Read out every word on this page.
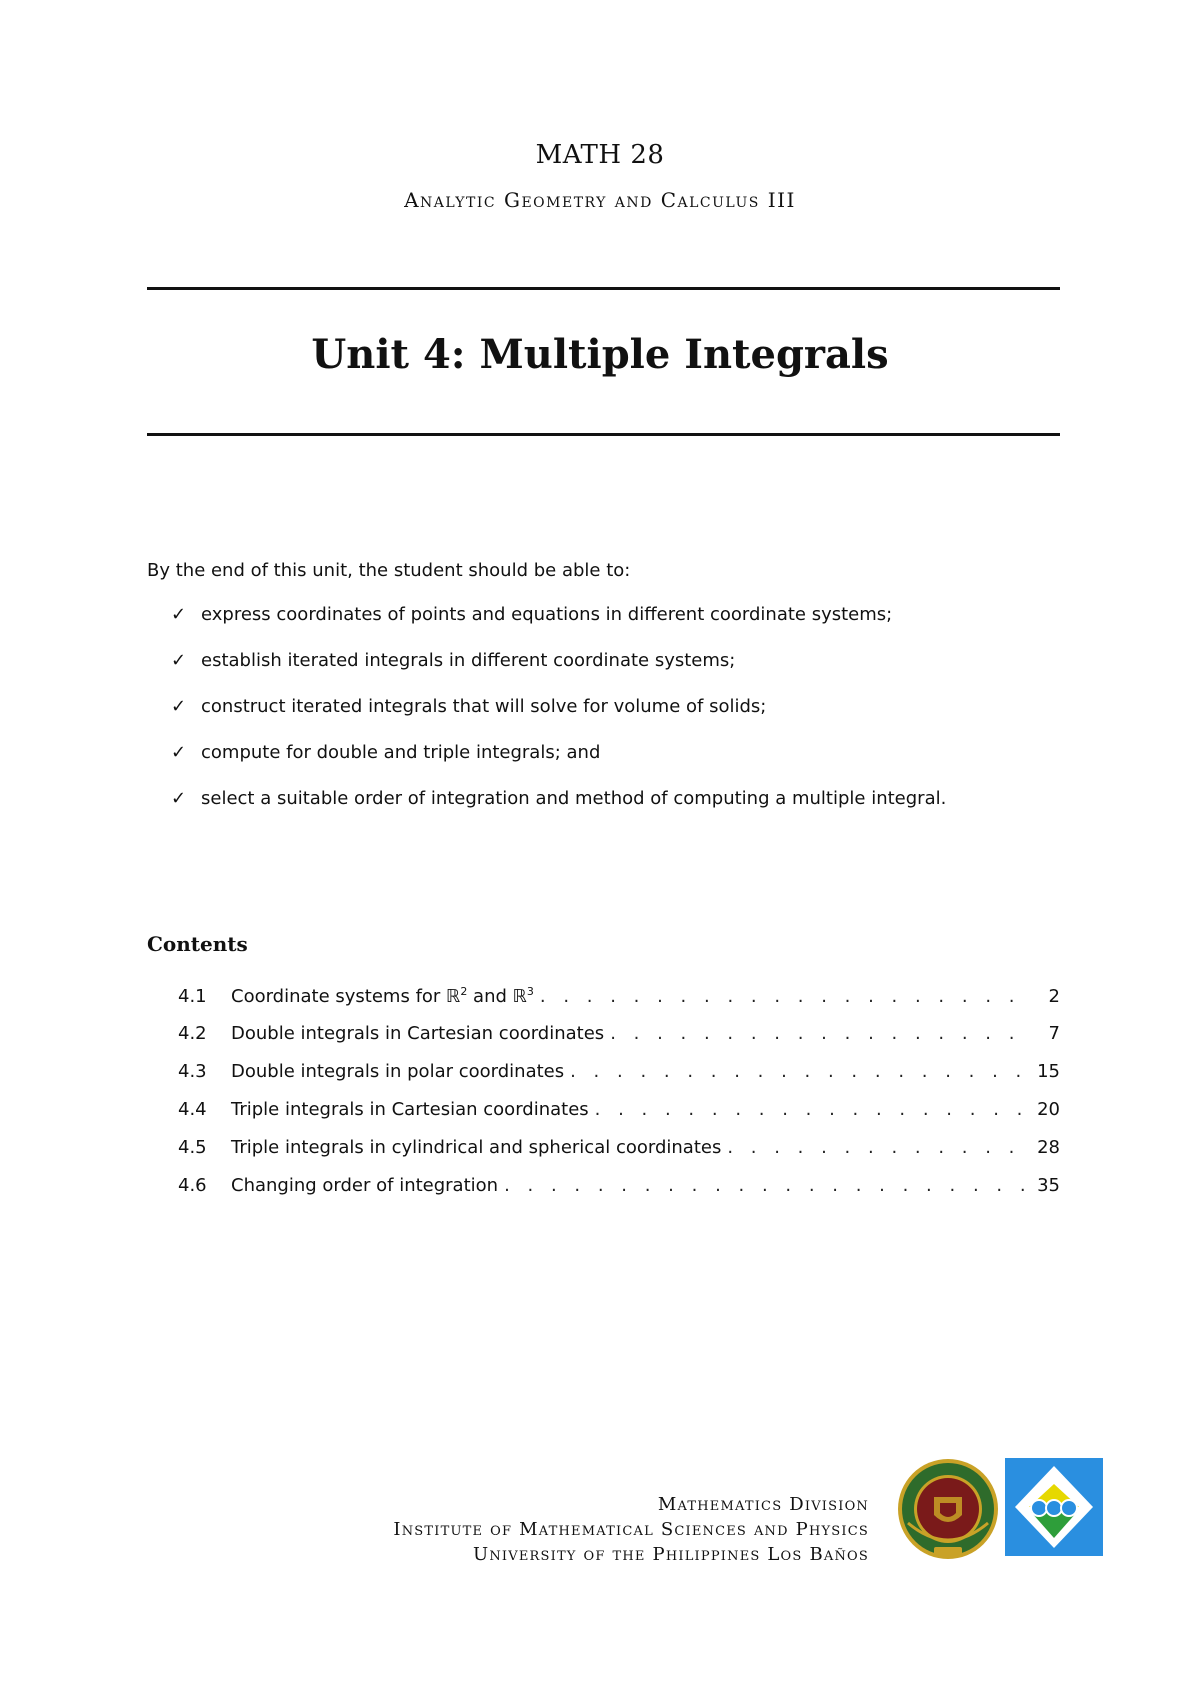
MATH 28
Analytic Geometry and Calculus III
Unit 4: Multiple Integrals
By the end of this unit, the student should be able to:
✓ express coordinates of points and equations in different coordinate systems;
✓ establish iterated integrals in different coordinate systems;
✓ construct iterated integrals that will solve for volume of solids;
✓ compute for double and triple integrals; and
✓ select a suitable order of integration and method of computing a multiple integral.
Contents
4.1	Coordinate systems for ℝ$^2$ and ℝ$^3$ . . .	2
4.2	Double integrals in Cartesian coordinates . . .	7
4.3	Double integrals in polar coordinates . . .	15
4.4	Triple integrals in Cartesian coordinates . . .	20
4.5	Triple integrals in cylindrical and spherical coordinates . . .	28
4.6	Changing order of integration . . .	35
Mathematics Division
Institute of Mathematical Sciences and Physics
University of the Philippines Los Baños
